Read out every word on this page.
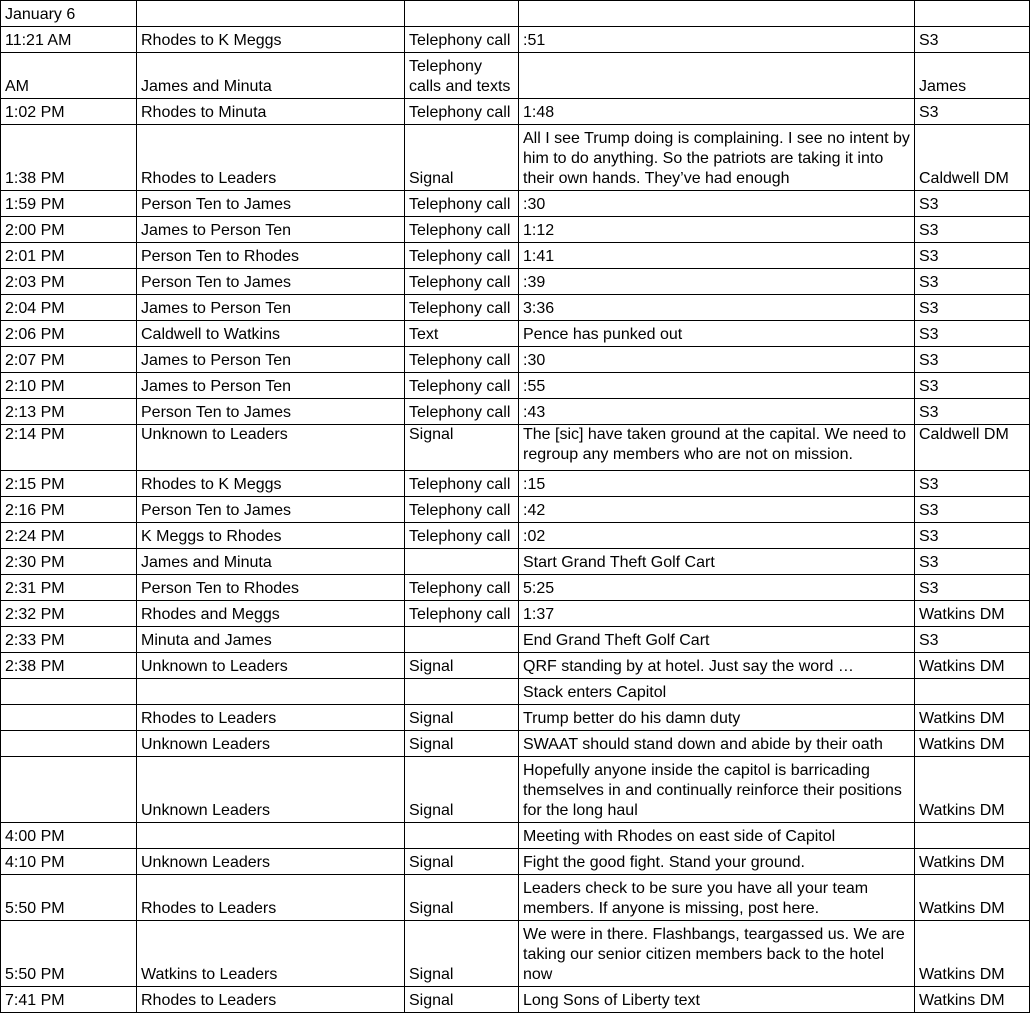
January 6				
11:21 AM	Rhodes to K Meggs	Telephony call	:51	S3
AM	James and Minuta	Telephony calls and texts		James
1:02 PM	Rhodes to Minuta	Telephony call	1:48	S3
1:38 PM	Rhodes to Leaders	Signal	All I see Trump doing is complaining. I see no intent by him to do anything. So the patriots are taking it into their own hands. They’ve had enough	Caldwell DM
1:59 PM	Person Ten to James	Telephony call	:30	S3
2:00 PM	James to Person Ten	Telephony call	1:12	S3
2:01 PM	Person Ten to Rhodes	Telephony call	1:41	S3
2:03 PM	Person Ten to James	Telephony call	:39	S3
2:04 PM	James to Person Ten	Telephony call	3:36	S3
2:06 PM	Caldwell to Watkins	Text	Pence has punked out	S3
2:07 PM	James to Person Ten	Telephony call	:30	S3
2:10 PM	James to Person Ten	Telephony call	:55	S3
2:13 PM	Person Ten to James	Telephony call	:43	S3
2:14 PM	Unknown to Leaders	Signal	The [sic] have taken ground at the capital. We need to regroup any members who are not on mission.	Caldwell DM
2:15 PM	Rhodes to K Meggs	Telephony call	:15	S3
2:16 PM	Person Ten to James	Telephony call	:42	S3
2:24 PM	K Meggs to Rhodes	Telephony call	:02	S3
2:30 PM	James and Minuta		Start Grand Theft Golf Cart	S3
2:31 PM	Person Ten to Rhodes	Telephony call	5:25	S3
2:32 PM	Rhodes and Meggs	Telephony call	1:37	Watkins DM
2:33 PM	Minuta and James		End Grand Theft Golf Cart	S3
2:38 PM	Unknown to Leaders	Signal	QRF standing by at hotel. Just say the word …	Watkins DM
			Stack enters Capitol	
	Rhodes to Leaders	Signal	Trump better do his damn duty	Watkins DM
	Unknown Leaders	Signal	SWAAT should stand down and abide by their oath	Watkins DM
	Unknown Leaders	Signal	Hopefully anyone inside the capitol is barricading themselves in and continually reinforce their positions for the long haul	Watkins DM
4:00 PM			Meeting with Rhodes on east side of Capitol	
4:10 PM	Unknown Leaders	Signal	Fight the good fight. Stand your ground.	Watkins DM
5:50 PM	Rhodes to Leaders	Signal	Leaders check to be sure you have all your team members. If anyone is missing, post here.	Watkins DM
5:50 PM	Watkins to Leaders	Signal	We were in there. Flashbangs, teargassed us. We are taking our senior citizen members back to the hotel now	Watkins DM
7:41 PM	Rhodes to Leaders	Signal	Long Sons of Liberty text	Watkins DM
